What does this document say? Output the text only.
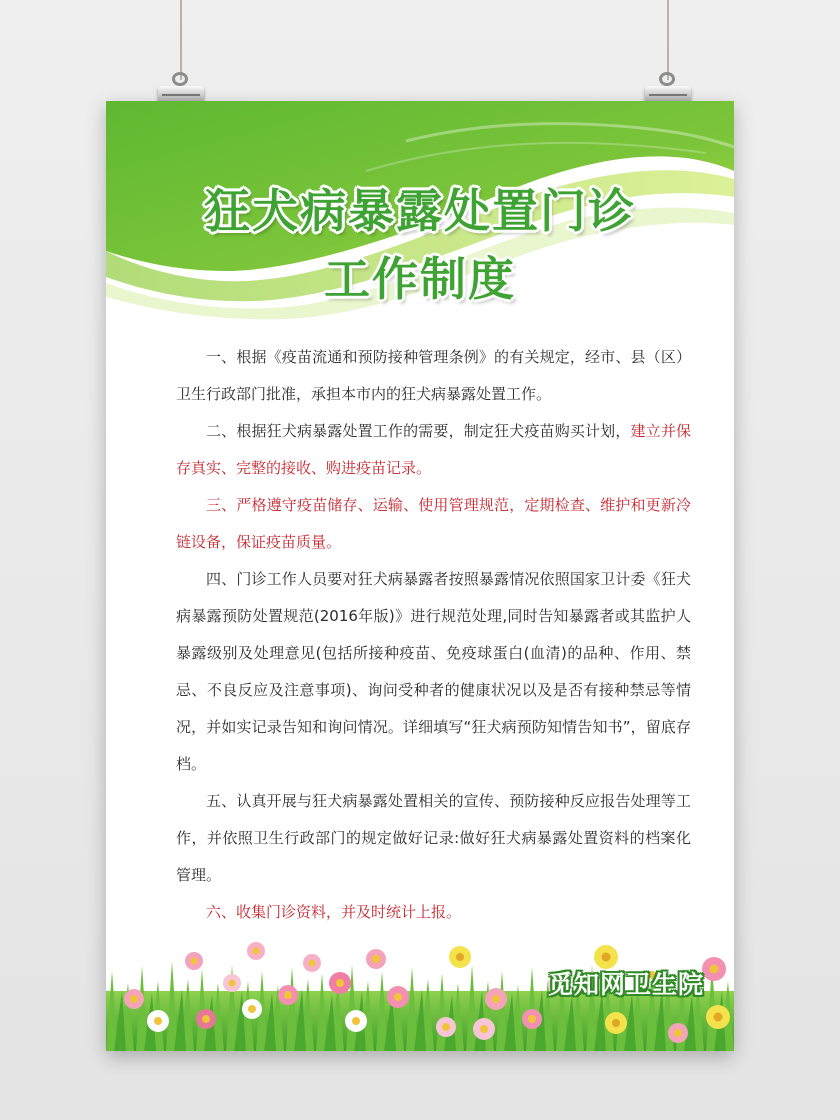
狂犬病暴露处置门诊
工作制度

一、根据《疫苗流通和预防接种管理条例》的有关规定，经市、县（区）卫生行政部门批准，承担本市内的狂犬病暴露处置工作。

二、根据狂犬病暴露处置工作的需要，制定狂犬疫苗购买计划，建立并保存真实、完整的接收、购进疫苗记录。

三、严格遵守疫苗储存、运输、使用管理规范，定期检查、维护和更新冷链设备，保证疫苗质量。

四、门诊工作人员要对狂犬病暴露者按照暴露情况依照国家卫计委《狂犬病暴露预防处置规范(2016年版)》进行规范处理,同时告知暴露者或其监护人暴露级别及处理意见(包括所接种疫苗、免疫球蛋白(血清)的品种、作用、禁忌、不良反应及注意事项)、询问受种者的健康状况以及是否有接种禁忌等情况，并如实记录告知和询问情况。详细填写“狂犬病预防知情告知书”，留底存档。

五、认真开展与狂犬病暴露处置相关的宣传、预防接种反应报告处理等工作，并依照卫生行政部门的规定做好记录:做好狂犬病暴露处置资料的档案化管理。

六、收集门诊资料，并及时统计上报。

觅知网卫生院
